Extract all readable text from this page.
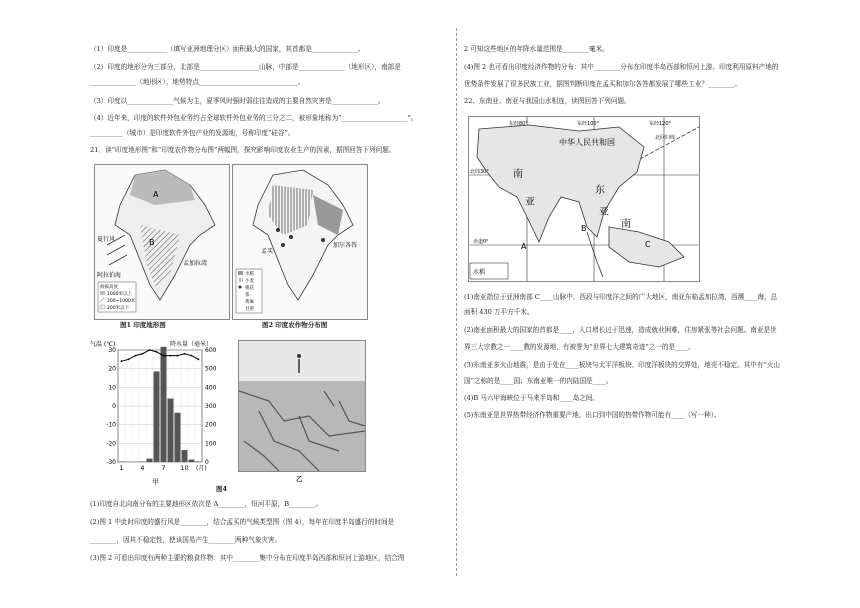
（1）印度是____________（填写亚洲地理分区）面积最大的国家，其首都是______________。
（2）印度的地形分为三部分，北部是__________________山脉，中部是______________（地形区），南部是
______________（地形区），地势特点______________________________。
（3）印度以______________气候为主，夏季风时强时弱往往造成的主要自然灾害是______________。
（4）近年来，印度的软件外包业务约占全球软件外包业务的三分之二，被形象地称为“____________________”。
__________（城市）是印度软件外包产业的发源地，号称印度“硅谷”。
21．读“印度地形图”和“印度农作物分布图”两幅图，探究影响印度农业生产的因素，据图回答下列问题。
A
B
夏行风
阿拉伯海
孟加拉湾
海拔高度
1000米以上
200~1000米
200米以下
图1 印度地形图
孟买
加尔各答
水稻
小麦
棉花
茶
黄麻
甘蔗
图2 印度农作物分布图
气温 (℃)	降水量（毫米）
30
20
10
0
-10
-20
-30
600
500
400
300
200
100
0
1	4	7 10 (月)
甲	乙
图4
(1)印度自北向南分布的主要地形区依次是 A________，恒河平原，B________。
(2)图 1 中此时印度的盛行风是________，结合孟买的气候类型图（图 4），每年在印度半岛盛行的时间是
________，因其不稳定性，使该国易产生________两种气象灾害。
(3)图 2 可看出印度有两种主要的粮食作物：其中________集中分布在印度半岛西部和恒河上游地区，结合图
2 可知这些地区的年降水量范围是________毫米。
(4)图 2 也可看出印度经济作物的分布：其中________分布在印度半岛西部和恒河上游。印度利用原料产地的
优势条件发展了很多民族工业，据图判断印度在孟买和加尔各答都发展了哪些工业？________。
22、东南亚、南亚与我国山水相连，读图回答下列问题。
东经80°	东经100°	东经120°
中华人民共和国	北回归线
北纬30° 南
亚
亚
A
B
C
南
东
赤道0°
水稻
(1)南亚指位于亚洲南部 C____山脉中、西段与印度洋之间的广大地区，南亚东临孟加拉湾，西濒____海，总
面积 430 万平方千米。
(2)南亚面积最大的国家的首都是____，人口增长过于迅速，造成就业困难，住房紧张等社会问题。南亚是世
界三大宗教之一____教的发源地，有被誉为“世界七大建筑奇迹”之一的是____。
(3)东南亚多火山地震，是由于处在____板块与太平洋板块、印度洋板块的交界处，地壳不稳定。其中有“火山
国”之称的是____国；东南亚唯一的内陆国是____。
(4)B 马六甲海峡位于马来半岛和____岛之间。
(5)东南亚是世界热带经济作物重要产地，出口到中国的热带作物可能有____（写一种）。
